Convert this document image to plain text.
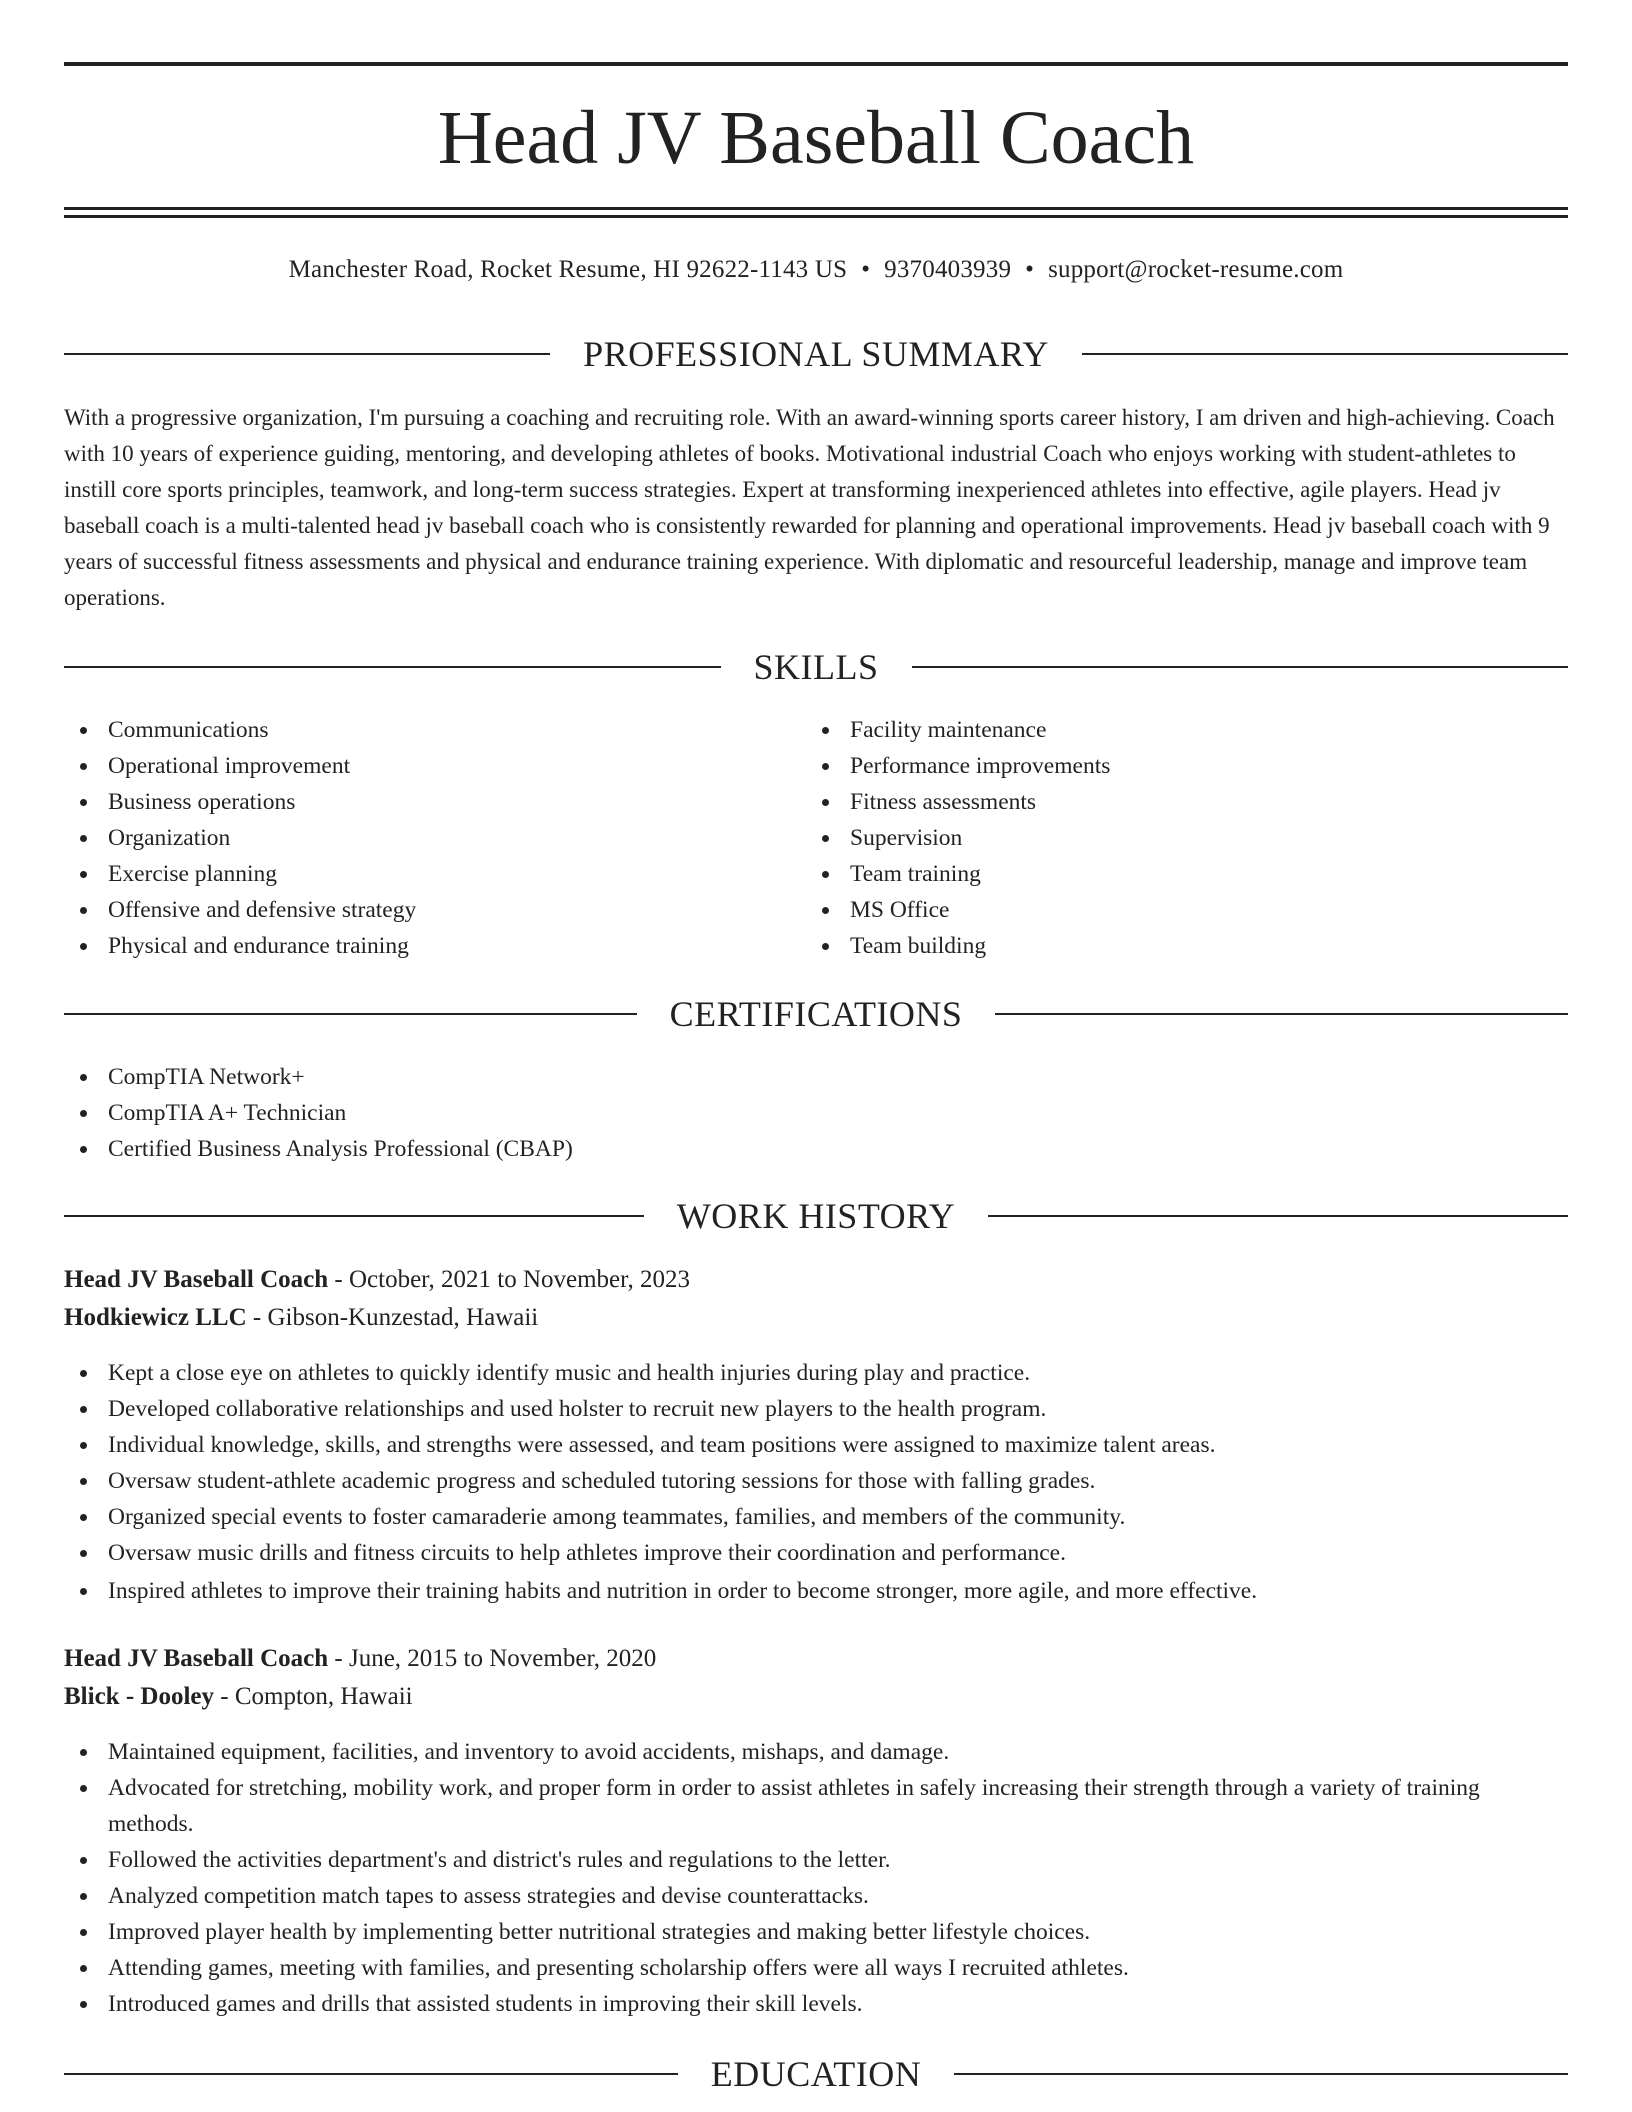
Head JV Baseball Coach
Manchester Road, Rocket Resume, HI 92622-1143 US • 9370403939 • support@rocket-resume.com
PROFESSIONAL SUMMARY

With a progressive organization, I'm pursuing a coaching and recruiting role. With an award-winning sports career history, I am driven and high-achieving. Coach with 10 years of experience guiding, mentoring, and developing athletes of books. Motivational industrial Coach who enjoys working with student-athletes to instill core sports principles, teamwork, and long-term success strategies. Expert at transforming inexperienced athletes into effective, agile players. Head jv baseball coach is a multi-talented head jv baseball coach who is consistently rewarded for planning and operational improvements. Head jv baseball coach with 9 years of successful fitness assessments and physical and endurance training experience. With diplomatic and resourceful leadership, manage and improve team operations.

SKILLS
Communications
Operational improvement
Business operations
Organization
Exercise planning
Offensive and defensive strategy
Physical and endurance training
Facility maintenance
Performance improvements
Fitness assessments
Supervision
Team training
MS Office
Team building
CERTIFICATIONS
CompTIA Network+
CompTIA A+ Technician
Certified Business Analysis Professional (CBAP)
WORK HISTORY
Head JV Baseball Coach - October, 2021 to November, 2023
Hodkiewicz LLC - Gibson-Kunzestad, Hawaii
Kept a close eye on athletes to quickly identify music and health injuries during play and practice.
Developed collaborative relationships and used holster to recruit new players to the health program.
Individual knowledge, skills, and strengths were assessed, and team positions were assigned to maximize talent areas.
Oversaw student-athlete academic progress and scheduled tutoring sessions for those with falling grades.
Organized special events to foster camaraderie among teammates, families, and members of the community.
Oversaw music drills and fitness circuits to help athletes improve their coordination and performance.
Inspired athletes to improve their training habits and nutrition in order to become stronger, more agile, and more effective.
Head JV Baseball Coach - June, 2015 to November, 2020
Blick - Dooley - Compton, Hawaii
Maintained equipment, facilities, and inventory to avoid accidents, mishaps, and damage.
Advocated for stretching, mobility work, and proper form in order to assist athletes in safely increasing their strength through a variety of training methods.
Followed the activities department's and district's rules and regulations to the letter.
Analyzed competition match tapes to assess strategies and devise counterattacks.
Improved player health by implementing better nutritional strategies and making better lifestyle choices.
Attending games, meeting with families, and presenting scholarship offers were all ways I recruited athletes.
Introduced games and drills that assisted students in improving their skill levels.
EDUCATION
